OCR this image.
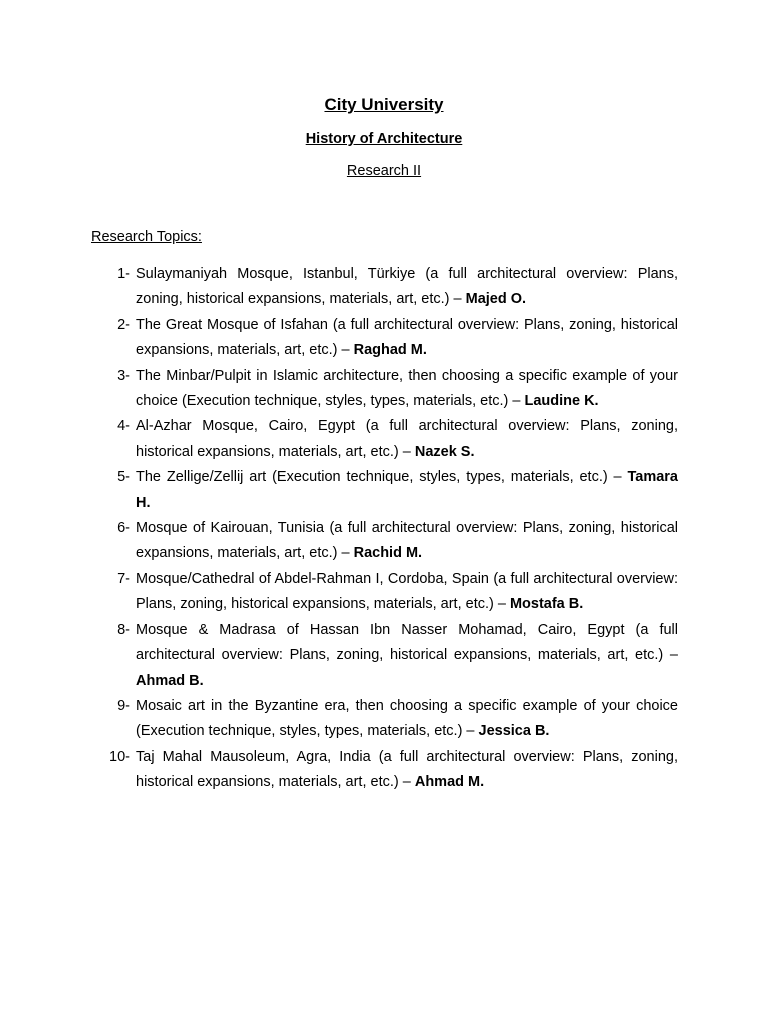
City University
History of Architecture
Research II
Research Topics:
1- Sulaymaniyah Mosque, Istanbul, Türkiye (a full architectural overview: Plans, zoning, historical expansions, materials, art, etc.) – Majed O.
2- The Great Mosque of Isfahan (a full architectural overview: Plans, zoning, historical expansions, materials, art, etc.) – Raghad M.
3- The Minbar/Pulpit in Islamic architecture, then choosing a specific example of your choice (Execution technique, styles, types, materials, etc.) – Laudine K.
4- Al-Azhar Mosque, Cairo, Egypt (a full architectural overview: Plans, zoning, historical expansions, materials, art, etc.) – Nazek S.
5- The Zellige/Zellij art (Execution technique, styles, types, materials, etc.) – Tamara H.
6- Mosque of Kairouan, Tunisia (a full architectural overview: Plans, zoning, historical expansions, materials, art, etc.) – Rachid M.
7- Mosque/Cathedral of Abdel-Rahman I, Cordoba, Spain (a full architectural overview: Plans, zoning, historical expansions, materials, art, etc.) – Mostafa B.
8- Mosque & Madrasa of Hassan Ibn Nasser Mohamad, Cairo, Egypt (a full architectural overview: Plans, zoning, historical expansions, materials, art, etc.) – Ahmad B.
9- Mosaic art in the Byzantine era, then choosing a specific example of your choice (Execution technique, styles, types, materials, etc.) – Jessica B.
10- Taj Mahal Mausoleum, Agra, India (a full architectural overview: Plans, zoning, historical expansions, materials, art, etc.) – Ahmad M.
